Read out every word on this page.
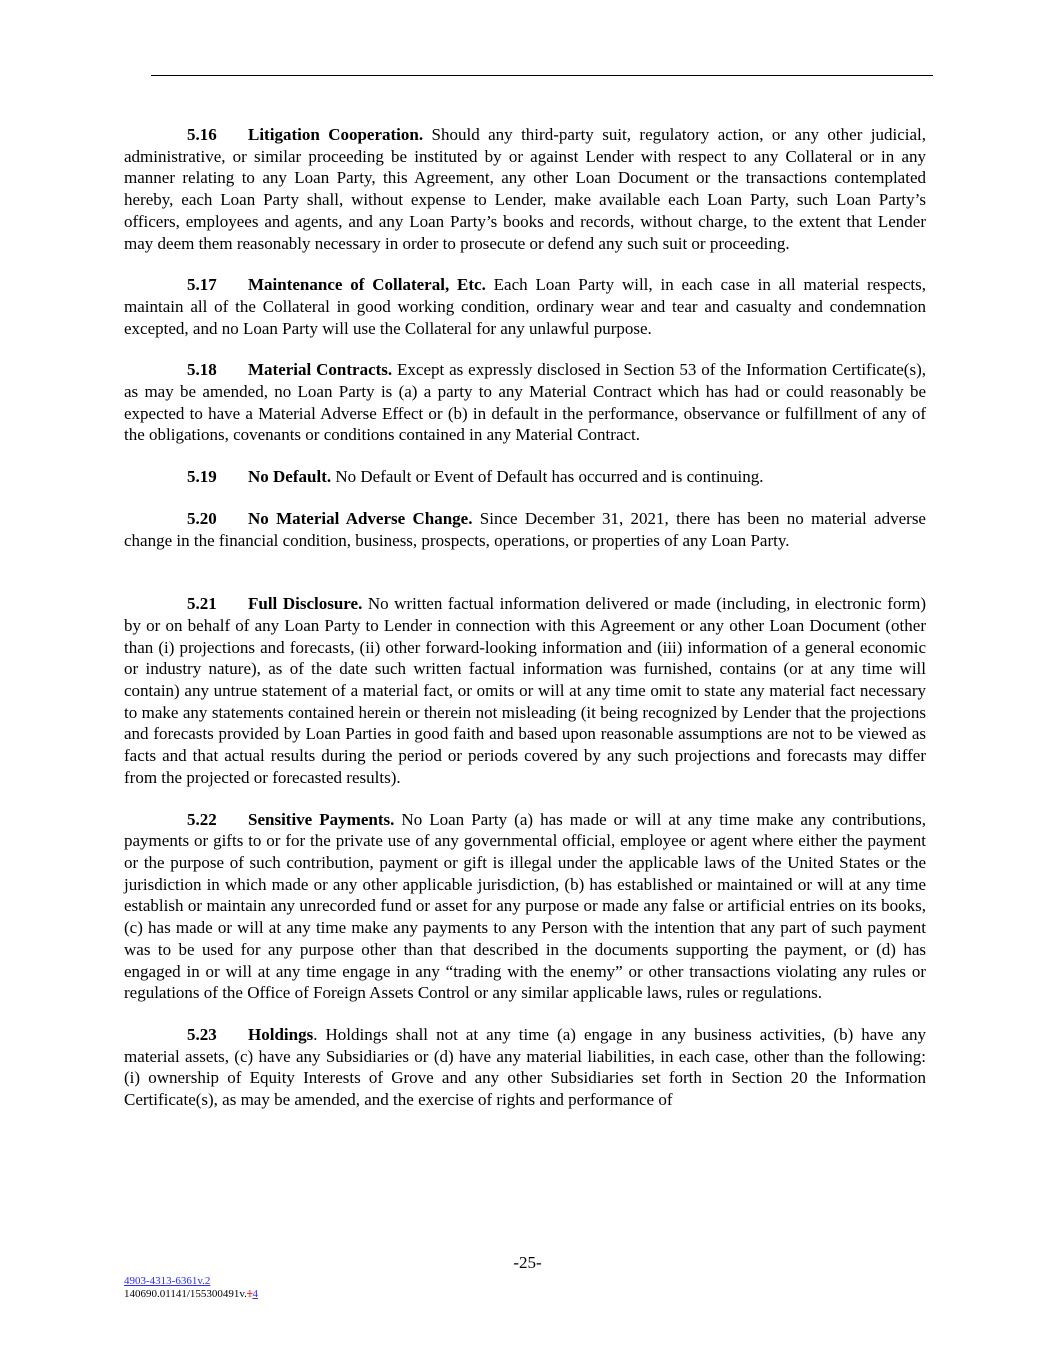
5.16 Litigation Cooperation. Should any third-party suit, regulatory action, or any other judicial, administrative, or similar proceeding be instituted by or against Lender with respect to any Collateral or in any manner relating to any Loan Party, this Agreement, any other Loan Document or the transactions contemplated hereby, each Loan Party shall, without expense to Lender, make available each Loan Party, such Loan Party’s officers, employees and agents, and any Loan Party’s books and records, without charge, to the extent that Lender may deem them reasonably necessary in order to prosecute or defend any such suit or proceeding.

5.17 Maintenance of Collateral, Etc. Each Loan Party will, in each case in all material respects, maintain all of the Collateral in good working condition, ordinary wear and tear and casualty and condemnation excepted, and no Loan Party will use the Collateral for any unlawful purpose.

5.18 Material Contracts. Except as expressly disclosed in Section 53 of the Information Certificate(s), as may be amended, no Loan Party is (a) a party to any Material Contract which has had or could reasonably be expected to have a Material Adverse Effect or (b) in default in the performance, observance or fulfillment of any of the obligations, covenants or conditions contained in any Material Contract.

5.19 No Default. No Default or Event of Default has occurred and is continuing.

5.20 No Material Adverse Change. Since December 31, 2021, there has been no material adverse change in the financial condition, business, prospects, operations, or properties of any Loan Party.

5.21 Full Disclosure. No written factual information delivered or made (including, in electronic form) by or on behalf of any Loan Party to Lender in connection with this Agreement or any other Loan Document (other than (i) projections and forecasts, (ii) other forward-looking information and (iii) information of a general economic or industry nature), as of the date such written factual information was furnished, contains (or at any time will contain) any untrue statement of a material fact, or omits or will at any time omit to state any material fact necessary to make any statements contained herein or therein not misleading (it being recognized by Lender that the projections and forecasts provided by Loan Parties in good faith and based upon reasonable assumptions are not to be viewed as facts and that actual results during the period or periods covered by any such projections and forecasts may differ from the projected or forecasted results).

5.22 Sensitive Payments. No Loan Party (a) has made or will at any time make any contributions, payments or gifts to or for the private use of any governmental official, employee or agent where either the payment or the purpose of such contribution, payment or gift is illegal under the applicable laws of the United States or the jurisdiction in which made or any other applicable jurisdiction, (b) has established or maintained or will at any time establish or maintain any unrecorded fund or asset for any purpose or made any false or artificial entries on its books, (c) has made or will at any time make any payments to any Person with the intention that any part of such payment was to be used for any purpose other than that described in the documents supporting the payment, or (d) has engaged in or will at any time engage in any “trading with the enemy” or other transactions violating any rules or regulations of the Office of Foreign Assets Control or any similar applicable laws, rules or regulations.

5.23 Holdings. Holdings shall not at any time (a) engage in any business activities, (b) have any material assets, (c) have any Subsidiaries or (d) have any material liabilities, in each case, other than the following: (i) ownership of Equity Interests of Grove and any other Subsidiaries set forth in Section 20 the Information Certificate(s), as may be amended, and the exercise of rights and performance of

-25-
4903-4313-6361v.2
140690.01141/155300491v.14
